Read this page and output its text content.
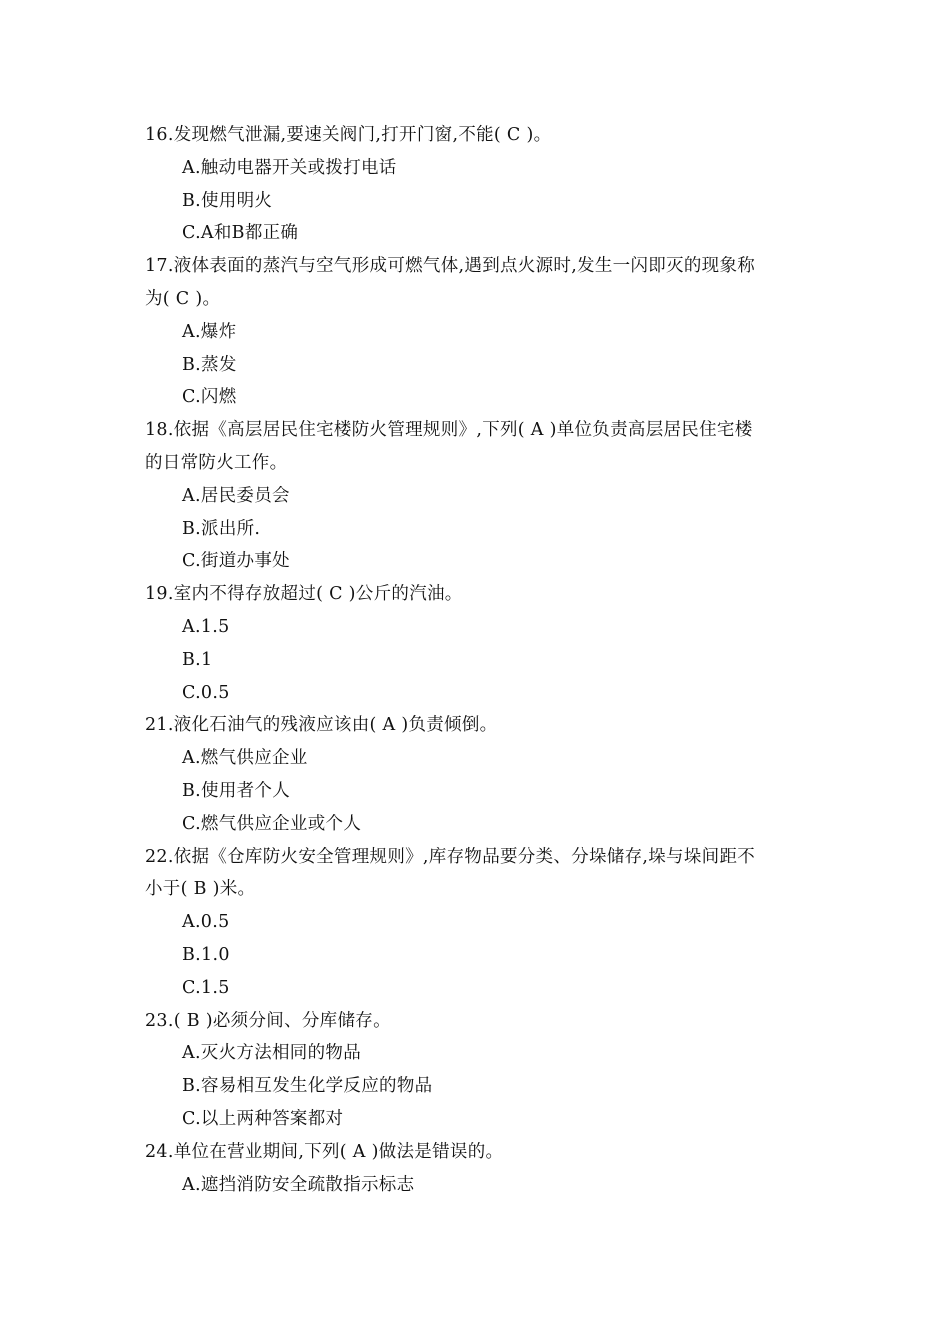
16.发现燃气泄漏,要速关阀门,打开门窗,不能( C )。
A.触动电器开关或拨打电话
B.使用明火
C.A和B都正确
17.液体表面的蒸汽与空气形成可燃气体,遇到点火源时,发生一闪即灭的现象称
为( C )。
A.爆炸
B.蒸发
C.闪燃
18.依据《高层居民住宅楼防火管理规则》,下列( A )单位负责高层居民住宅楼
的日常防火工作。
A.居民委员会
B.派出所.
C.街道办事处
19.室内不得存放超过( C )公斤的汽油。
A.1.5
B.1
C.0.5
21.液化石油气的残液应该由( A )负责倾倒。
A.燃气供应企业
B.使用者个人
C.燃气供应企业或个人
22.依据《仓库防火安全管理规则》,库存物品要分类、分垛储存,垛与垛间距不
小于( B )米。
A.0.5
B.1.0
C.1.5
23.( B )必须分间、分库储存。
A.灭火方法相同的物品
B.容易相互发生化学反应的物品
C.以上两种答案都对
24.单位在营业期间,下列( A )做法是错误的。
A.遮挡消防安全疏散指示标志
